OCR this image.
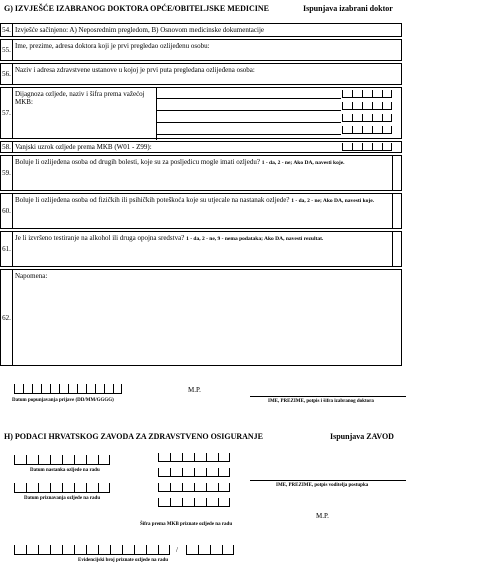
G) IZVJEŠĆE IZABRANOG DOKTORA OPĆE/OBITELJSKE MEDICINE	Ispunjava izabrani doktor
54. Izvješće sačinjeno: A) Neposrednim pregledom, B) Osnovom medicinske dokumentacije
55. Ime, prezime, adresa doktora koji je prvi pregledao ozlijeđenu osobu:
56. Naziv i adresa zdravstvene ustanove u kojoj je prvi puta pregledana ozlijeđena osoba:
57.
Dijagnoza ozljede, naziv i šifra prema važećoj MKB:
58. Vanjski uzrok ozljede prema MKB (W01 - Z99):
59.
Boluje li ozlijeđena osoba od drugih bolesti, koje su za posljedicu mogle imati ozljedu? 1 - da, 2 - ne; Ako DA, navesti koje.
60.
Boluje li ozlijeđena osoba od fizičkih ili psihičkih poteškoća koje su utjecale na nastanak ozljede? 1 - da, 2 - ne; Ako DA, navesti koje.
61.
Je li izvršeno testiranje na alkohol ili druga opojna sredstva? 1 - da, 2 - ne, 9 - nema podataka; Ako DA, navesti rezultat.
62.
Napomena:
Datum popunjavanja prijave (DD/MM/GGGG)
M.P.
IME, PREZIME, potpis i šifra izabranog doktora
H) PODACI HRVATSKOG ZAVODA ZA ZDRAVSTVENO OSIGURANJE	Ispunjava ZAVOD
Datum nastanka ozljede na radu
Datum priznavanja ozljede na radu
Šifra prema MKB priznate ozljede na radu
IME, PREZIME, potpis voditelja postupka
M.P.
/
Evidencijski broj priznate ozljede na radu
